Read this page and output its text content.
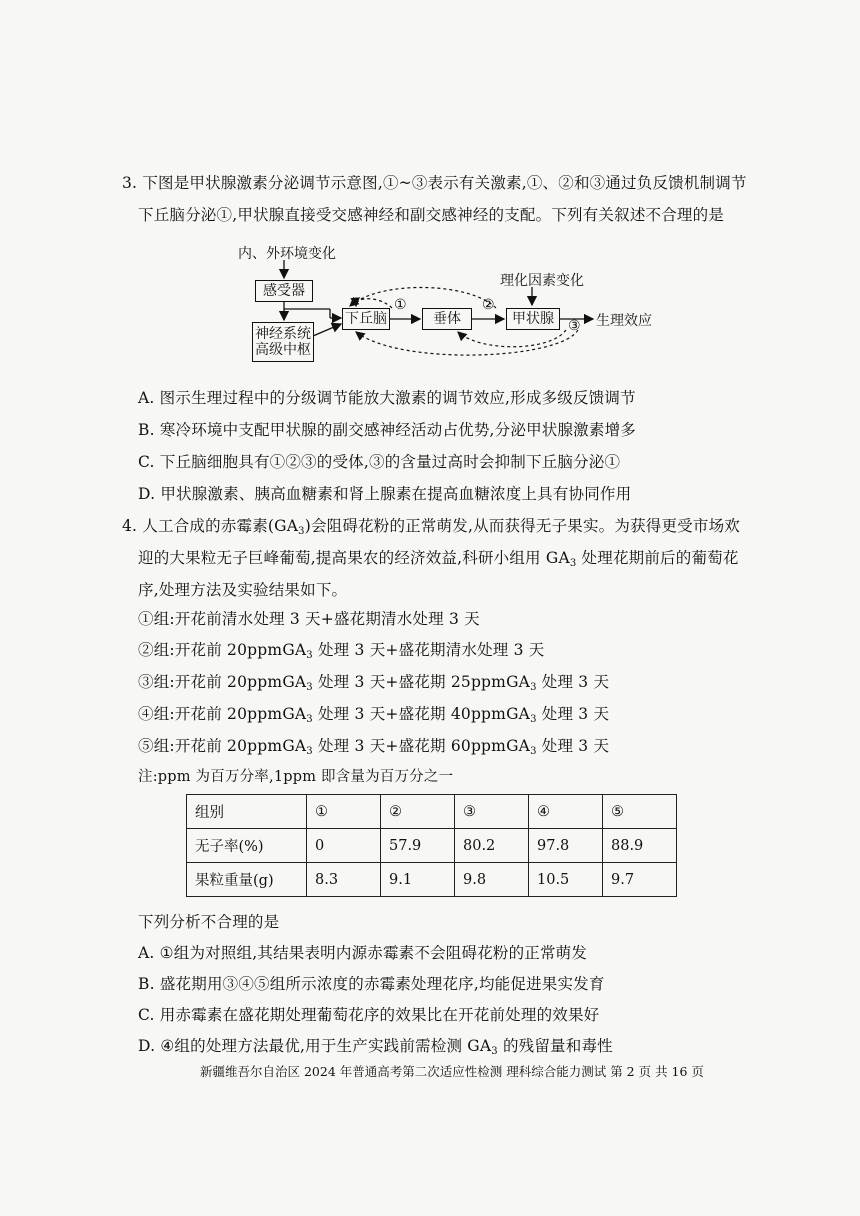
3. 下图是甲状腺激素分泌调节示意图,①~③表示有关激素,①、②和③通过负反馈机制调节
下丘脑分泌①,甲状腺直接受交感神经和副交感神经的支配。下列有关叙述不合理的是
内、外环境变化
感受器
神经系统
高级中枢
下丘脑	垂体	甲状腺
理化因素变化
生理效应
①	②
③
A. 图示生理过程中的分级调节能放大激素的调节效应,形成多级反馈调节
B. 寒冷环境中支配甲状腺的副交感神经活动占优势,分泌甲状腺激素增多
C. 下丘脑细胞具有①②③的受体,③的含量过高时会抑制下丘脑分泌①
D. 甲状腺激素、胰高血糖素和肾上腺素在提高血糖浓度上具有协同作用
4. 人工合成的赤霉素$(GA_3)$会阻碍花粉的正常萌发,从而获得无子果实。为获得更受市场欢
迎的大果粒无子巨峰葡萄,提高果农的经济效益,科研小组用 $GA_3$ 处理花期前后的葡萄花
序,处理方法及实验结果如下。
①组:开花前清水处理 3 天+盛花期清水处理 3 天
②组:开花前 20ppmGA$_3$ 处理 3 天+盛花期清水处理 3 天
③组:开花前 20ppmGA$_3$ 处理 3 天+盛花期 25ppmGA$_3$ 处理 3 天
④组:开花前 20ppmGA$_3$ 处理 3 天+盛花期 40ppmGA$_3$ 处理 3 天
⑤组:开花前 20ppmGA$_3$ 处理 3 天+盛花期 60ppmGA$_3$ 处理 3 天
注:ppm 为百万分率,1ppm 即含量为百万分之一
组别	①	②	③	④	⑤
无子率(%)	0	57.9	80.2	97.8	88.9
果粒重量(g)	8.3	9.1	9.8	10.5	9.7
下列分析不合理的是
A. ①组为对照组,其结果表明内源赤霉素不会阻碍花粉的正常萌发
B. 盛花期用③④⑤组所示浓度的赤霉素处理花序,均能促进果实发育
C. 用赤霉素在盛花期处理葡萄花序的效果比在开花前处理的效果好
D. ④组的处理方法最优,用于生产实践前需检测 $GA_3$ 的残留量和毒性
新疆维吾尔自治区 2024 年普通高考第二次适应性检测 理科综合能力测试 第 2 页 共 16 页
